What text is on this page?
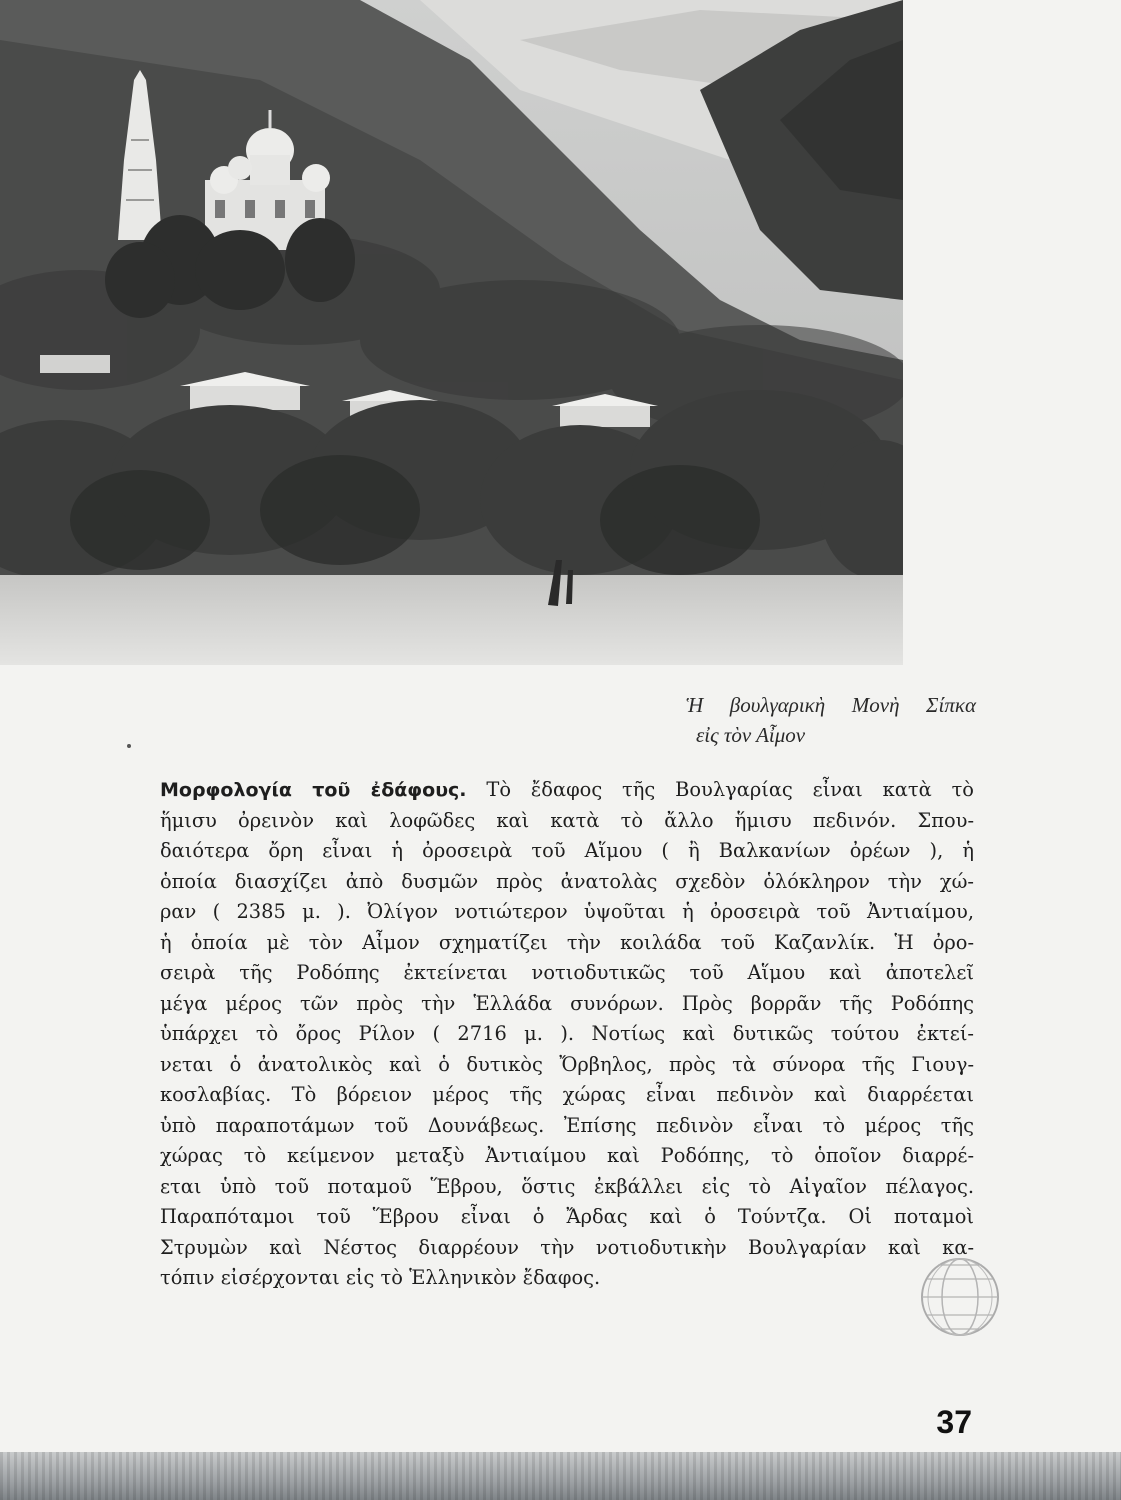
Ἡ βουλγαρικὴ Μονὴ Σίπκα
εἰς τὸν Αἶμον
Μορφολογία τοῦ ἐδάφους. Τὸ ἔδαφος τῆς Βουλγαρίας εἶναι κατὰ τὸ
ἥμισυ ὀρεινὸν καὶ λοφῶδες καὶ κατὰ τὸ ἄλλο ἥμισυ πεδινόν. Σπου-
δαιότερα ὄρη εἶναι ἡ ὀροσειρὰ τοῦ Αἵμου ( ἢ Βαλκανίων ὀρέων ), ἡ
ὁποία διασχίζει ἀπὸ δυσμῶν πρὸς ἀνατολὰς σχεδὸν ὁλόκληρον τὴν χώ-
ραν ( 2385 μ. ). Ὀλίγον νοτιώτερον ὑψοῦται ἡ ὀροσειρὰ τοῦ Ἀντιαίμου,
ἡ ὁποία μὲ τὸν Αἶμον σχηματίζει τὴν κοιλάδα τοῦ Καζανλίκ. Ἡ ὀρο-
σειρὰ τῆς Ροδόπης ἐκτείνεται νοτιοδυτικῶς τοῦ Αἵμου καὶ ἀποτελεῖ
μέγα μέρος τῶν πρὸς τὴν Ἑλλάδα συνόρων. Πρὸς βορρᾶν τῆς Ροδόπης
ὑπάρχει τὸ ὄρος Ρίλον ( 2716 μ. ). Νοτίως καὶ δυτικῶς τούτου ἐκτεί-
νεται ὁ ἀνατολικὸς καὶ ὁ δυτικὸς Ὄρβηλος, πρὸς τὰ σύνορα τῆς Γιουγ-
κοσλαβίας. Τὸ βόρειον μέρος τῆς χώρας εἶναι πεδινὸν καὶ διαρρέεται
ὑπὸ παραποτάμων τοῦ Δουνάβεως. Ἐπίσης πεδινὸν εἶναι τὸ μέρος τῆς
χώρας τὸ κείμενον μεταξὺ Ἀντιαίμου καὶ Ροδόπης, τὸ ὁποῖον διαρρέ-
εται ὑπὸ τοῦ ποταμοῦ Ἕβρου, ὅστις ἐκβάλλει εἰς τὸ Αἰγαῖον πέλαγος.
Παραπόταμοι τοῦ Ἕβρου εἶναι ὁ Ἄρδας καὶ ὁ Τούντζα. Οἱ ποταμοὶ
Στρυμὼν καὶ Νέστος διαρρέουν τὴν νοτιοδυτικὴν Βουλγαρίαν καὶ κα-
τόπιν εἰσέρχονται εἰς τὸ Ἑλληνικὸν ἔδαφος.
37
